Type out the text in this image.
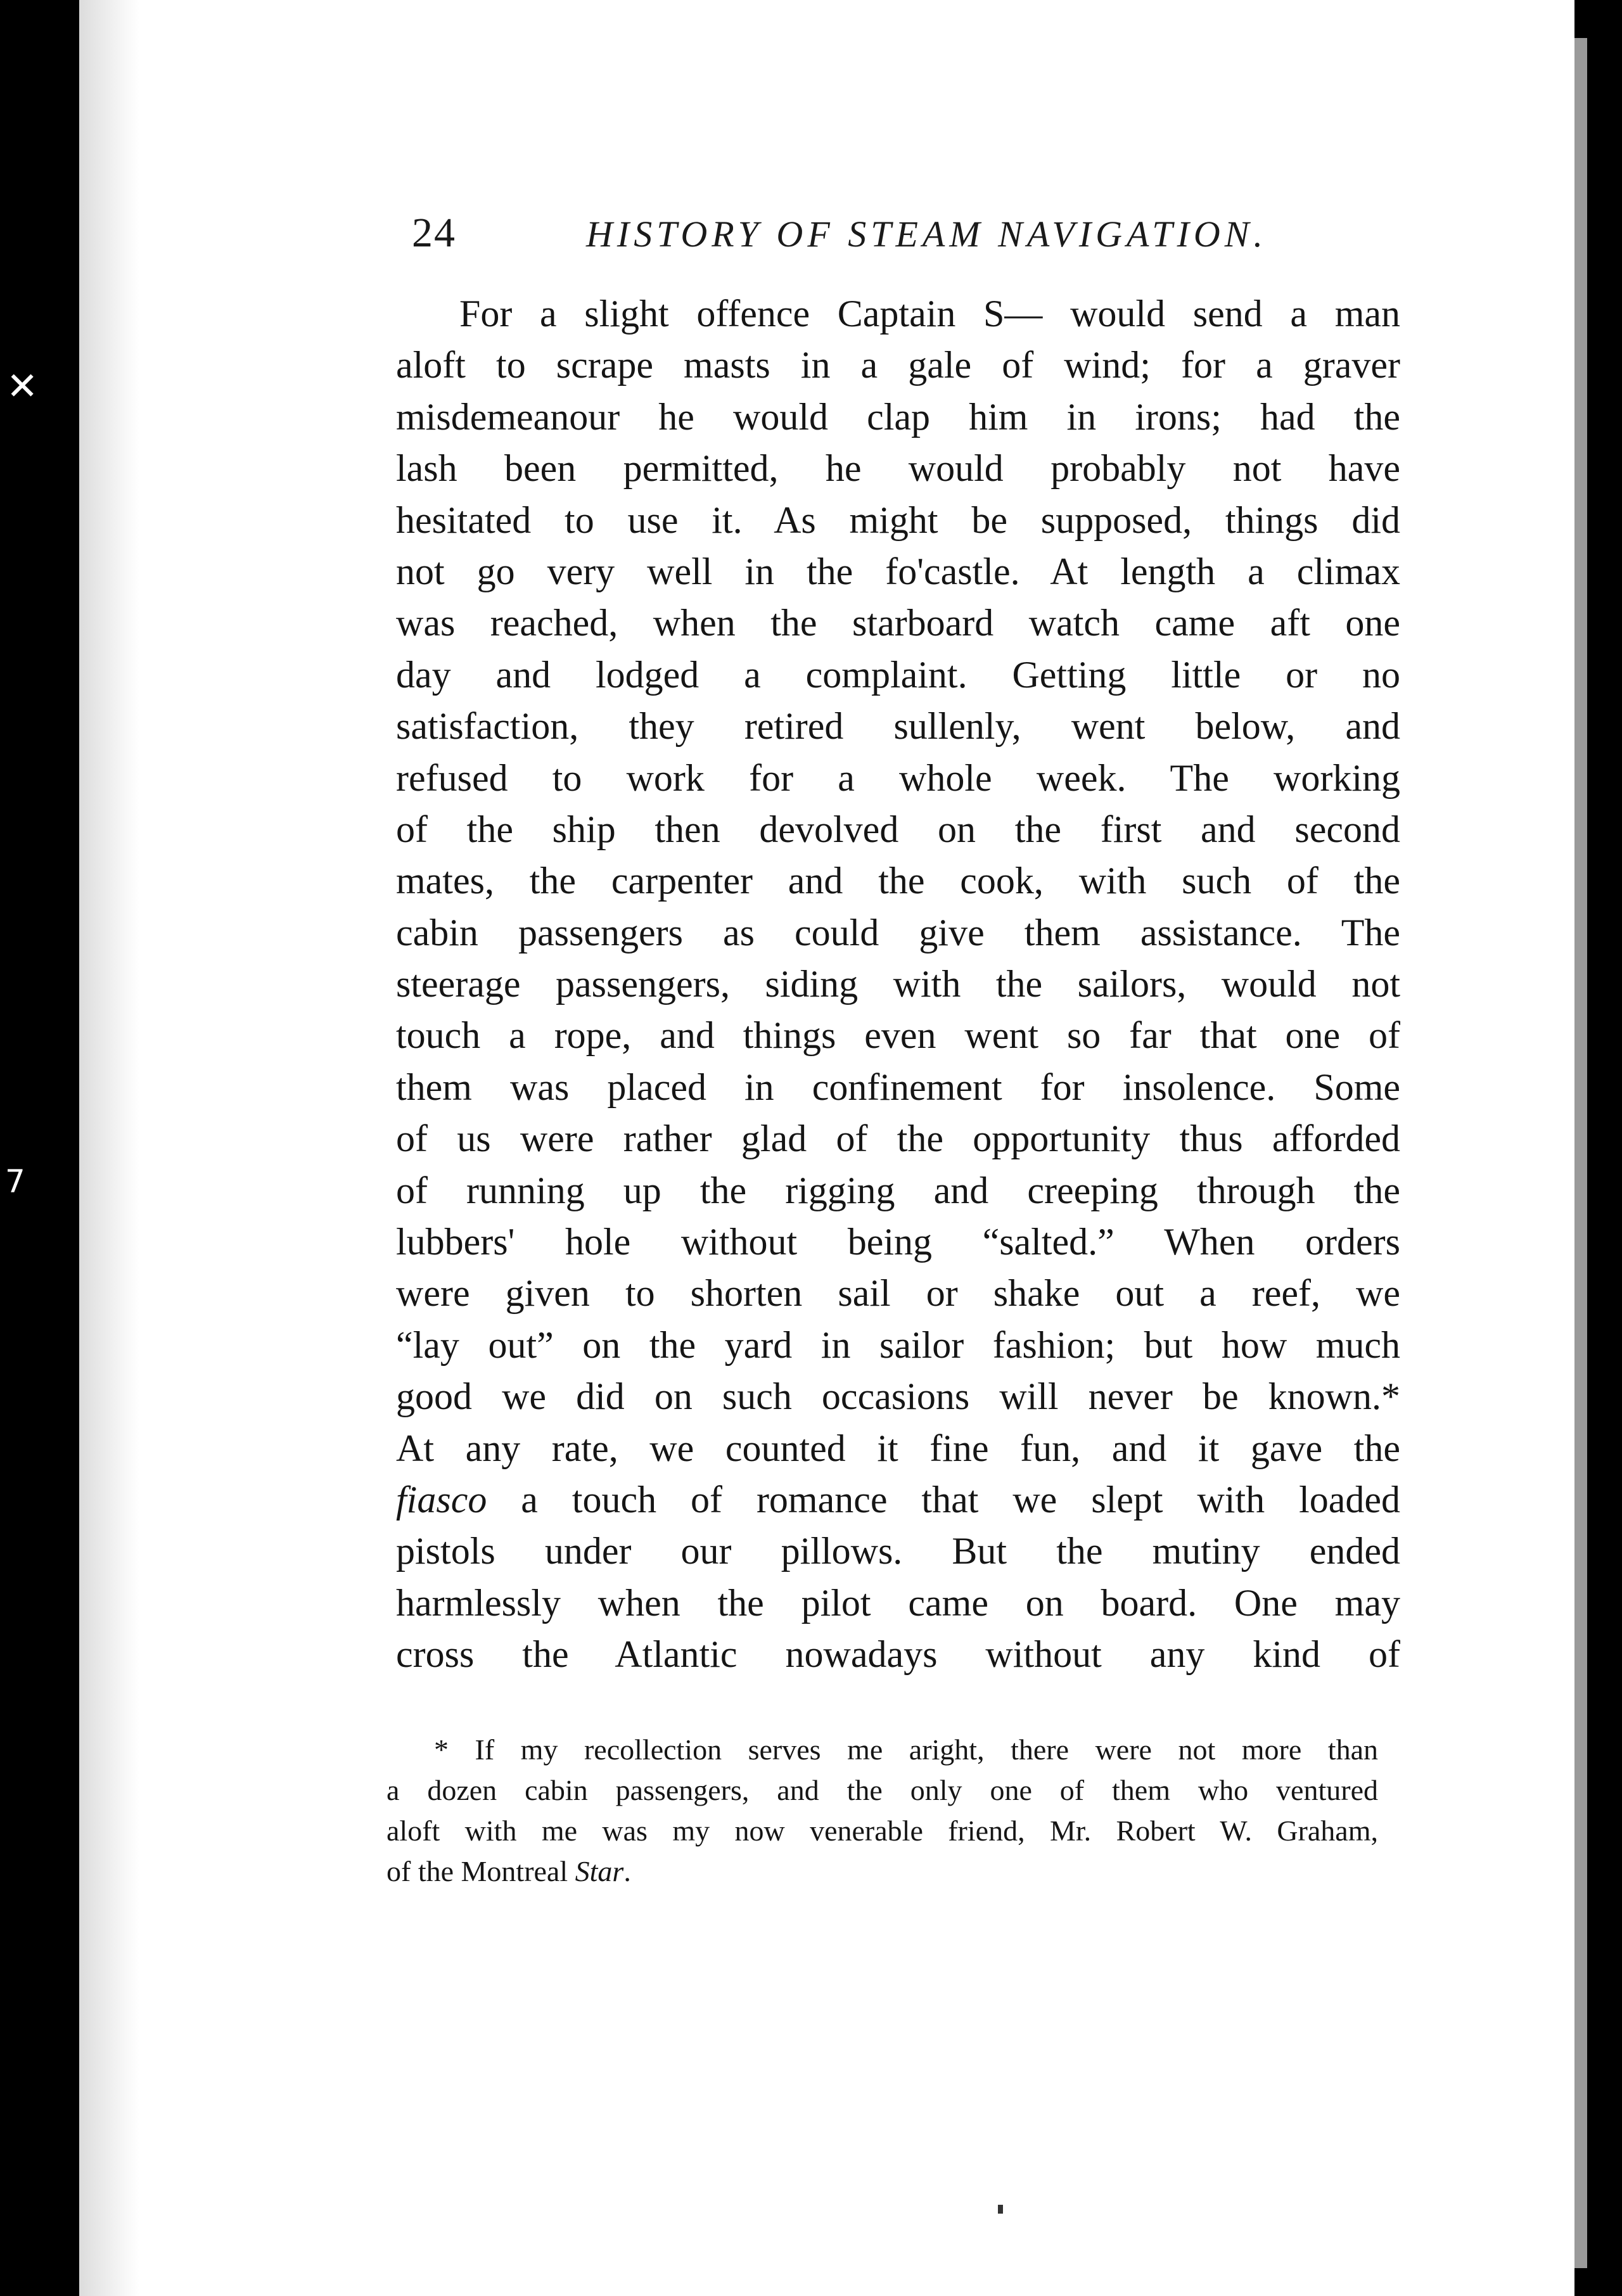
✕
7
24	HISTORY OF STEAM NAVIGATION.
For a slight offence Captain S— would send a man
aloft to scrape masts in a gale of wind; for a graver
misdemeanour he would clap him in irons; had the
lash been permitted, he would probably not have
hesitated to use it. As might be supposed, things did
not go very well in the fo'castle. At length a climax
was reached, when the starboard watch came aft one
day and lodged a complaint. Getting little or no
satisfaction, they retired sullenly, went below, and
refused to work for a whole week. The working
of the ship then devolved on the first and second
mates, the carpenter and the cook, with such of the
cabin passengers as could give them assistance. The
steerage passengers, siding with the sailors, would not
touch a rope, and things even went so far that one of
them was placed in confinement for insolence. Some
of us were rather glad of the opportunity thus afforded
of running up the rigging and creeping through the
lubbers' hole without being “salted.” When orders
were given to shorten sail or shake out a reef, we
“lay out” on the yard in sailor fashion; but how much
good we did on such occasions will never be known.*
At any rate, we counted it fine fun, and it gave the
fiasco a touch of romance that we slept with loaded
pistols under our pillows. But the mutiny ended
harmlessly when the pilot came on board. One may
cross the Atlantic nowadays without any kind of
* If my recollection serves me aright, there were not more than
a dozen cabin passengers, and the only one of them who ventured
aloft with me was my now venerable friend, Mr. Robert W. Graham,
of the Montreal Star.
